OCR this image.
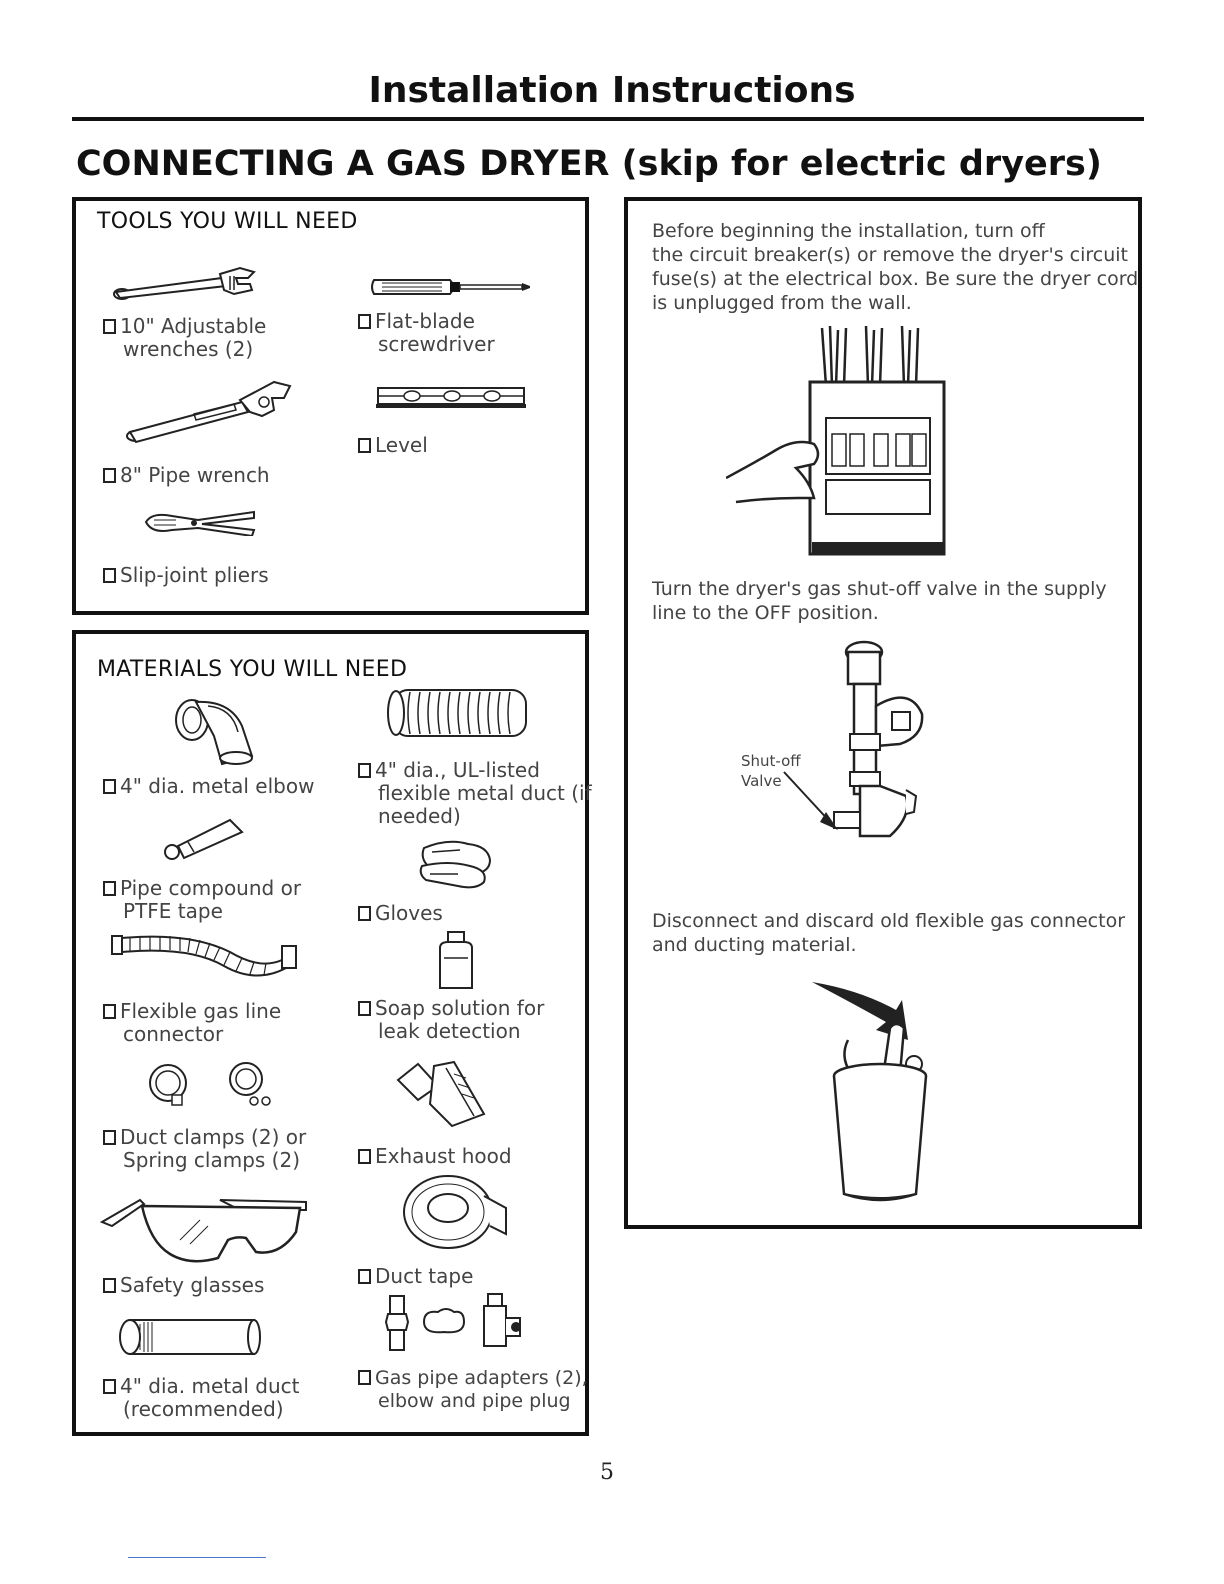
Installation Instructions
CONNECTING A GAS DRYER (skip for electric dryers)
TOOLS YOU WILL NEED
10" Adjustable
wrenches (2)
Flat-blade
screwdriver
8" Pipe wrench
Level
Slip-joint pliers
MATERIALS YOU WILL NEED
4" dia. metal elbow
4" dia., UL-listed
flexible metal duct (if
needed)
Pipe compound or
PTFE tape	Gloves
Flexible gas line
connector
Soap solution for
leak detection
Duct clamps (2) or
Spring clamps (2)	Exhaust hood
Safety glasses	Duct tape
4" dia. metal duct
(recommended)
Gas pipe adapters (2),
elbow and pipe plug
Before beginning the installation, turn off
the circuit breaker(s) or remove the dryer's circuit
fuse(s) at the electrical box. Be sure the dryer cord
is unplugged from the wall.
Turn the dryer's gas shut-off valve in the supply
line to the OFF position.
Shut-off
Valve
Disconnect and discard old flexible gas connector
and ducting material.
5
